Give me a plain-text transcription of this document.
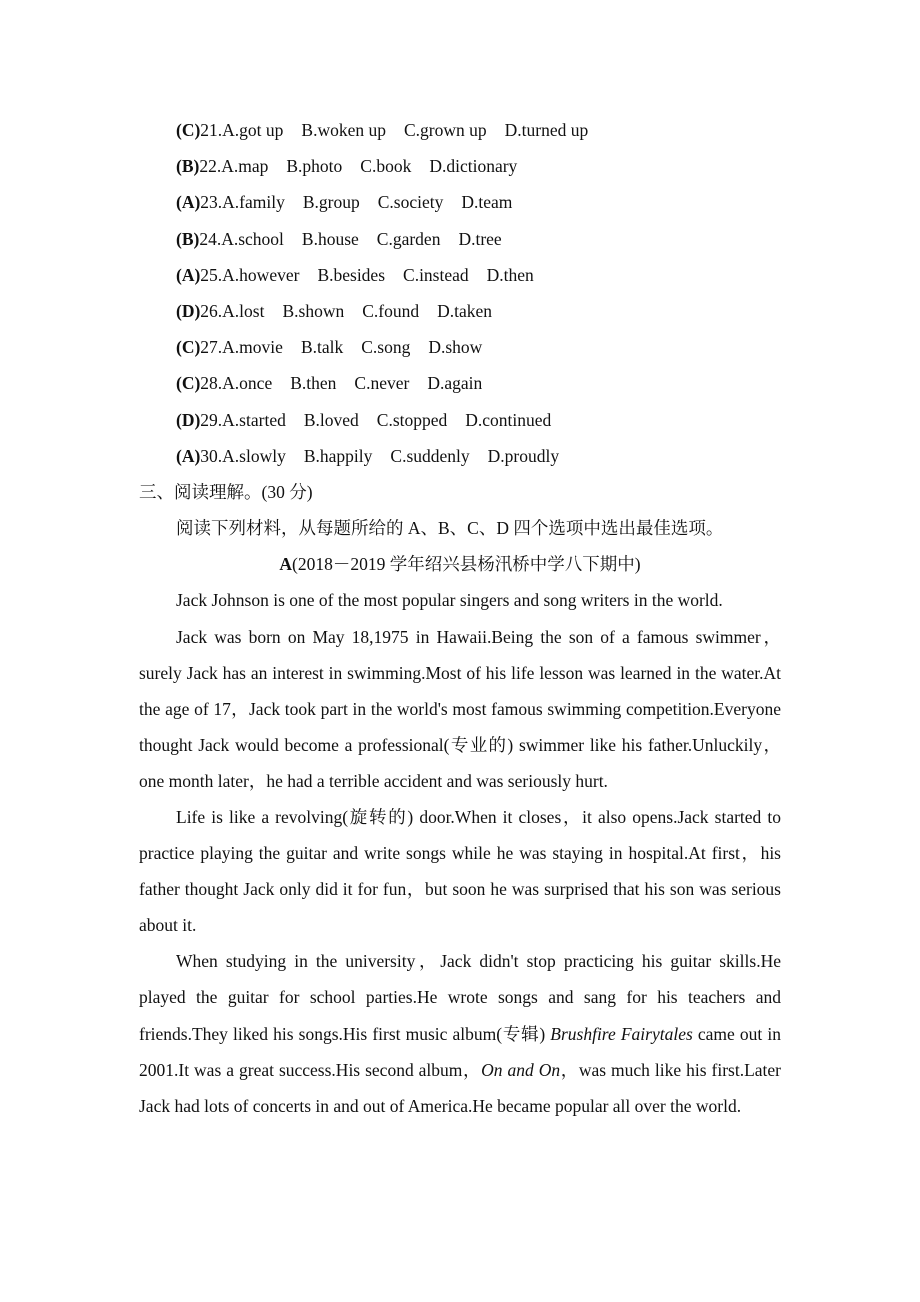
(C)21.A.got up B.woken up C.grown up D.turned up
(B)22.A.map B.photo C.book D.dictionary
(A)23.A.family B.group C.society D.team
(B)24.A.school B.house C.garden D.tree
(A)25.A.however B.besides C.instead D.then
(D)26.A.lost B.shown C.found D.taken
(C)27.A.movie B.talk C.song D.show
(C)28.A.once B.then C.never D.again
(D)29.A.started B.loved C.stopped D.continued
(A)30.A.slowly B.happily C.suddenly D.proudly
三、阅读理解。(30 分)
阅读下列材料，从每题所给的 A、B、C、D 四个选项中选出最佳选项。
A(2018－2019 学年绍兴县杨汛桥中学八下期中)

Jack Johnson is one of the most popular singers and song writers in the world.

Jack was born on May 18,1975 in Hawaii.Being the son of a famous swimmer，surely Jack has an interest in swimming.Most of his life lesson was learned in the water.At the age of 17，Jack took part in the world's most famous swimming competition.Everyone thought Jack would become a professional(专业的) swimmer like his father.Unluckily，one month later，he had a terrible accident and was seriously hurt.

Life is like a revolving(旋转的) door.When it closes，it also opens.Jack started to practice playing the guitar and write songs while he was staying in hospital.At first，his father thought Jack only did it for fun，but soon he was surprised that his son was serious about it.

When studying in the university，Jack didn't stop practicing his guitar skills.He played the guitar for school parties.He wrote songs and sang for his teachers and friends.They liked his songs.His first music album(专辑) Brushfire Fairytales came out in 2001.It was a great success.His second album，On and On，was much like his first.Later Jack had lots of concerts in and out of America.He became popular all over the world.
